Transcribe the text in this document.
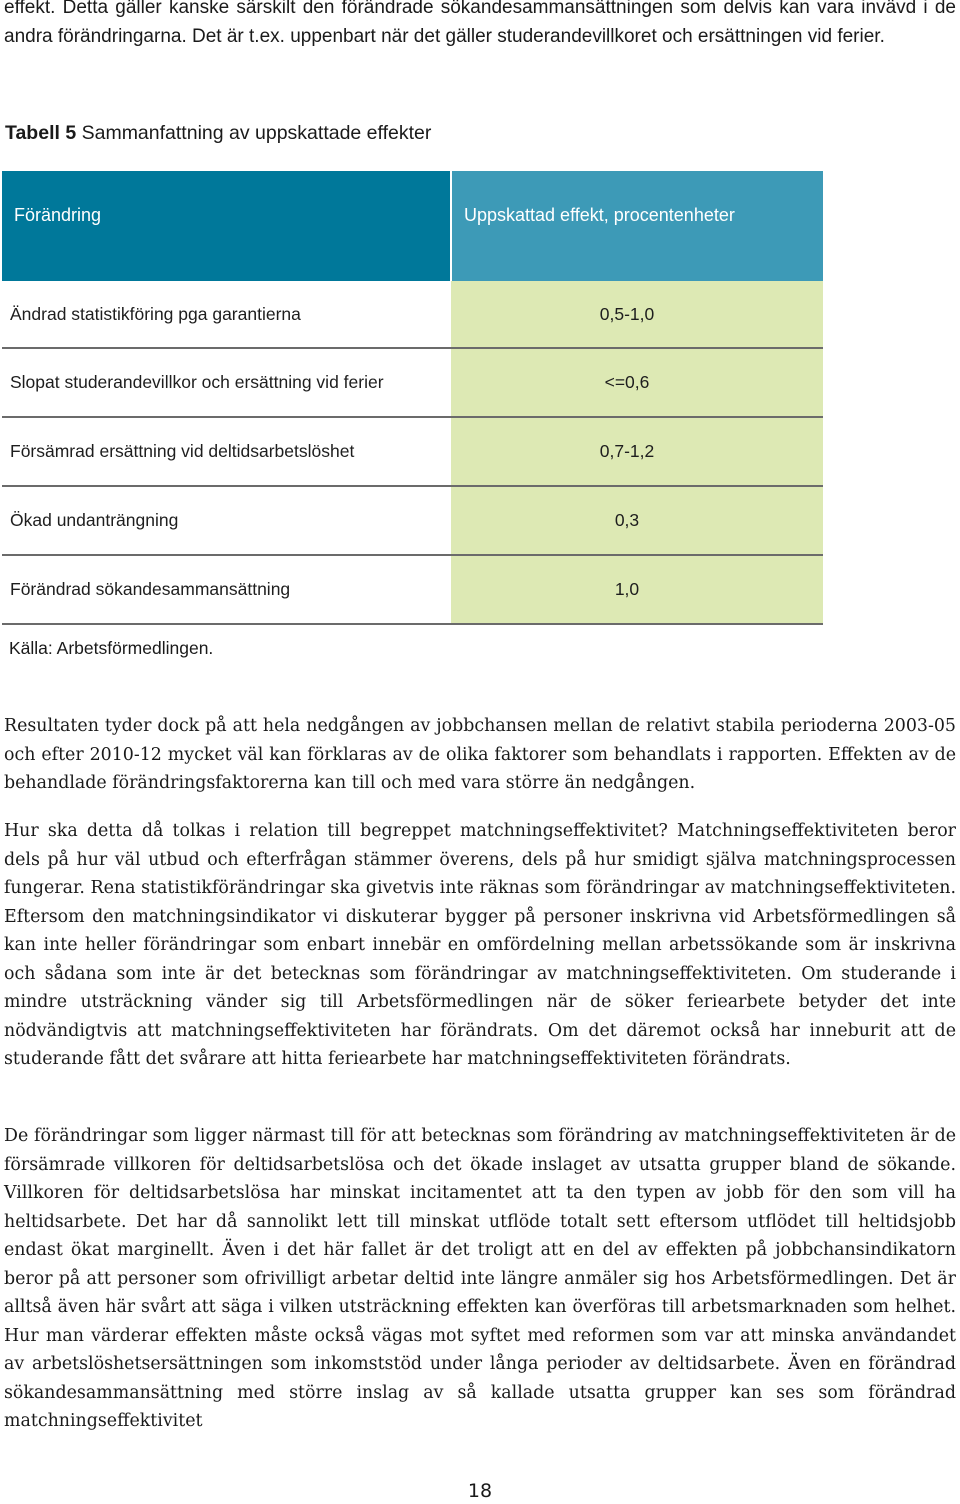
effekt. Detta gäller kanske särskilt den förändrade sökandesammansättningen som delvis kan vara invävd i de andra förändringarna. Det är t.ex. uppenbart när det gäller studerandevillkoret och ersättningen vid ferier.

Tabell 5 Sammanfattning av uppskattade effekter

Förändring	Uppskattad effekt, procentenheter
Ändrad statistikföring pga garantierna	0,5-1,0
Slopat studerandevillkor och ersättning vid ferier	<=0,6
Försämrad ersättning vid deltidsarbetslöshet	0,7-1,2
Ökad undanträngning	0,3
Förändrad sökandesammansättning	1,0

Källa: Arbetsförmedlingen.

Resultaten tyder dock på att hela nedgången av jobbchansen mellan de relativt stabila perioderna 2003-05 och efter 2010-12 mycket väl kan förklaras av de olika faktorer som behandlats i rapporten. Effekten av de behandlade förändringsfaktorerna kan till och med vara större än nedgången.

Hur ska detta då tolkas i relation till begreppet matchningseffektivitet? Matchningseffektiviteten beror dels på hur väl utbud och efterfrågan stämmer överens, dels på hur smidigt själva matchningsprocessen fungerar. Rena statistikförändringar ska givetvis inte räknas som förändringar av matchningseffektiviteten. Eftersom den matchningsindikator vi diskuterar bygger på personer inskrivna vid Arbetsförmedlingen så kan inte heller förändringar som enbart innebär en omfördelning mellan arbetssökande som är inskrivna och sådana som inte är det betecknas som förändringar av matchningseffektiviteten. Om studerande i mindre utsträckning vänder sig till Arbetsförmedlingen när de söker feriearbete betyder det inte nödvändigtvis att matchningseffektiviteten har förändrats. Om det däremot också har inneburit att de studerande fått det svårare att hitta feriearbete har matchningseffektiviteten förändrats.

De förändringar som ligger närmast till för att betecknas som förändring av matchningseffektiviteten är de försämrade villkoren för deltidsarbetslösa och det ökade inslaget av utsatta grupper bland de sökande. Villkoren för deltidsarbetslösa har minskat incitamentet att ta den typen av jobb för den som vill ha heltidsarbete. Det har då sannolikt lett till minskat utflöde totalt sett eftersom utflödet till heltidsjobb endast ökat marginellt. Även i det här fallet är det troligt att en del av effekten på jobbchansindikatorn beror på att personer som ofrivilligt arbetar deltid inte längre anmäler sig hos Arbetsförmedlingen. Det är alltså även här svårt att säga i vilken utsträckning effekten kan överföras till arbetsmarknaden som helhet. Hur man värderar effekten måste också vägas mot syftet med reformen som var att minska användandet av arbetslöshetsersättningen som inkomststöd under långa perioder av deltidsarbete. Även en förändrad sökandesammansättning med större inslag av så kallade utsatta grupper kan ses som förändrad matchningseffektivitet

18
